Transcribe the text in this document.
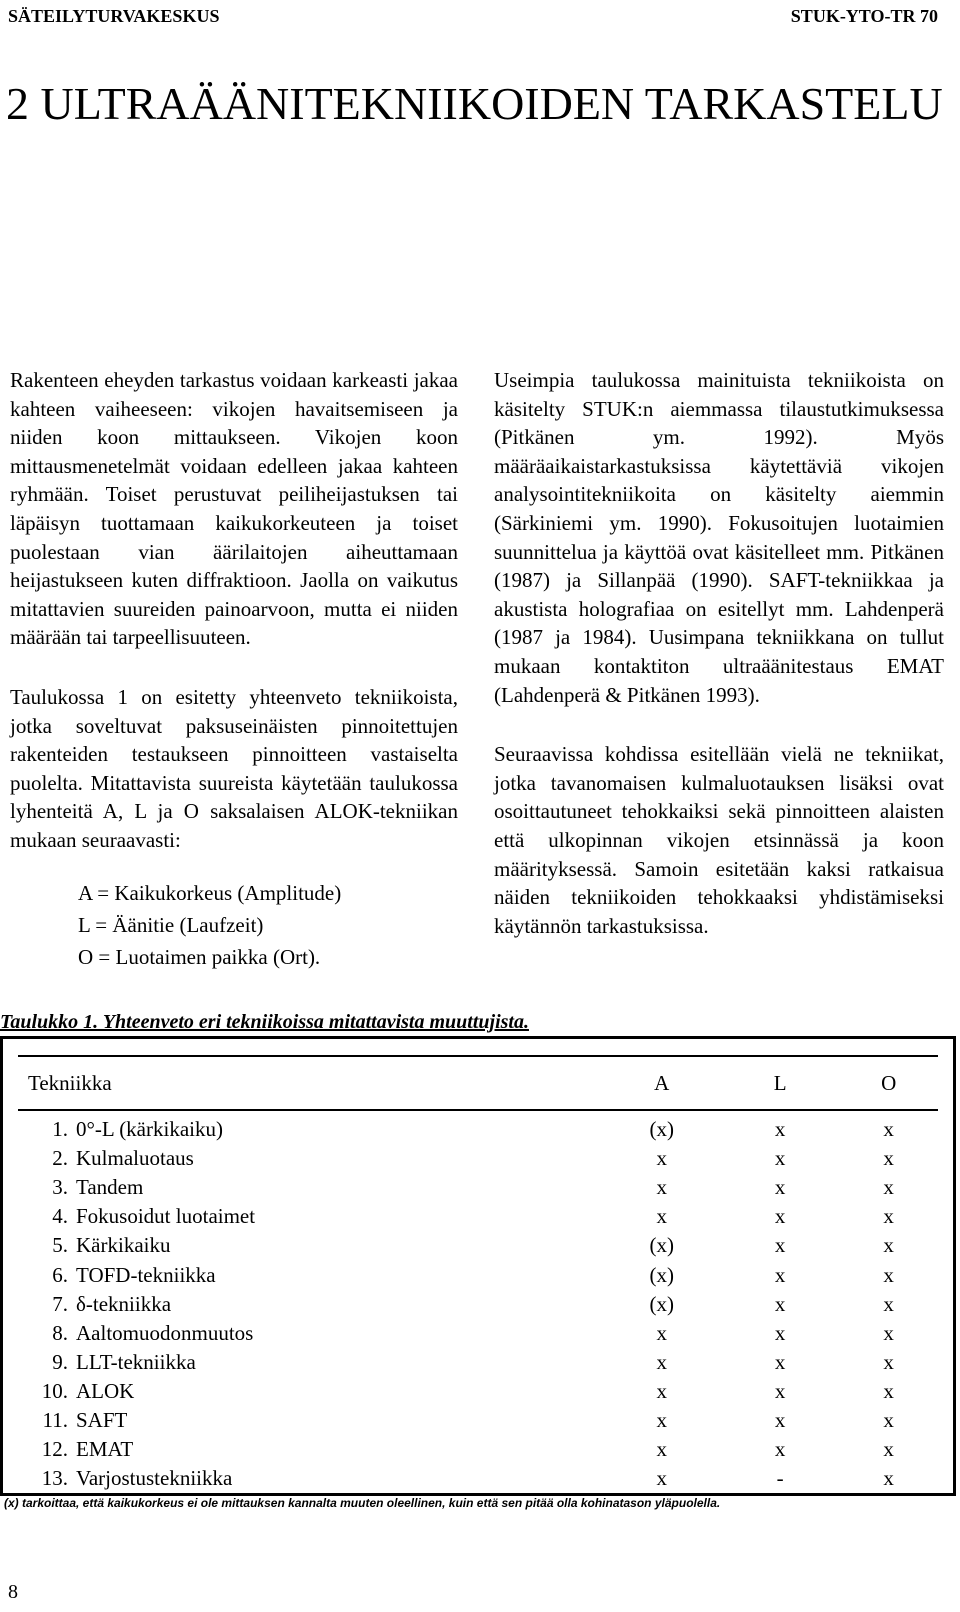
SÄTEILYTURVAKESKUS	STUK-YTO-TR 70
2 ULTRAÄÄNITEKNIIKOIDEN TARKASTELU

Rakenteen eheyden tarkastus voidaan karkeasti jakaa kahteen vaiheeseen: vikojen havaitsemiseen ja niiden koon mittaukseen. Vikojen koon mittausmenetelmät voidaan edelleen jakaa kahteen ryhmään. Toiset perustuvat peiliheijastuksen tai läpäisyn tuottamaan kaikukorkeuteen ja toiset puolestaan vian äärilaitojen aiheuttamaan heijastukseen kuten diffraktioon. Jaolla on vaikutus mitattavien suureiden painoarvoon, mutta ei niiden määrään tai tarpeellisuuteen.

Taulukossa 1 on esitetty yhteenveto tekniikoista, jotka soveltuvat paksuseinäisten pinnoitettujen rakenteiden testaukseen pinnoitteen vastaiselta puolelta. Mitattavista suureista käytetään taulukossa lyhenteitä A, L ja O saksalaisen ALOK-tekniikan mukaan seuraavasti:

A = Kaikukorkeus (Amplitude)
L = Äänitie (Laufzeit)
O = Luotaimen paikka (Ort).

Useimpia taulukossa mainituista tekniikoista on käsitelty STUK:n aiemmassa tilaustutkimuksessa (Pitkänen ym. 1992). Myös määräaikaistarkastuksissa käytettäviä vikojen analysointitekniikoita on käsitelty aiemmin (Särkiniemi ym. 1990). Fokusoitujen luotaimien suunnittelua ja käyttöä ovat käsitelleet mm. Pitkänen (1987) ja Sillanpää (1990). SAFT-tekniikkaa ja akustista holografiaa on esitellyt mm. Lahdenperä (1987 ja 1984). Uusimpana tekniikkana on tullut mukaan kontaktiton ultraäänitestaus EMAT (Lahdenperä & Pitkänen 1993).

Seuraavissa kohdissa esitellään vielä ne tekniikat, jotka tavanomaisen kulmaluotauksen lisäksi ovat osoittautuneet tehokkaiksi sekä pinnoitteen alaisten että ulkopinnan vikojen etsinnässä ja koon määrityksessä. Samoin esitetään kaksi ratkaisua näiden tekniikoiden tehokkaaksi yhdistämiseksi käytännön tarkastuksissa.

Taulukko 1. Yhteenveto eri tekniikoissa mitattavista muuttujista.
Tekniikka	A	L	O
1. 0°-L (kärkikaiku)	(x)	x	x
2. Kulmaluotaus	x	x	x
3. Tandem	x	x	x
4. Fokusoidut luotaimet	x	x	x
5. Kärkikaiku	(x)	x	x
6. TOFD-tekniikka	(x)	x	x
7. δ-tekniikka	(x)	x	x
8. Aaltomuodonmuutos	x	x	x
9. LLT-tekniikka	x	x	x
10. ALOK	x	x	x
11. SAFT	x	x	x
12. EMAT	x	x	x
13. Varjostustekniikka	x	-	x
(x) tarkoittaa, että kaikukorkeus ei ole mittauksen kannalta muuten oleellinen, kuin että sen pitää olla kohinatason yläpuolella.
8
